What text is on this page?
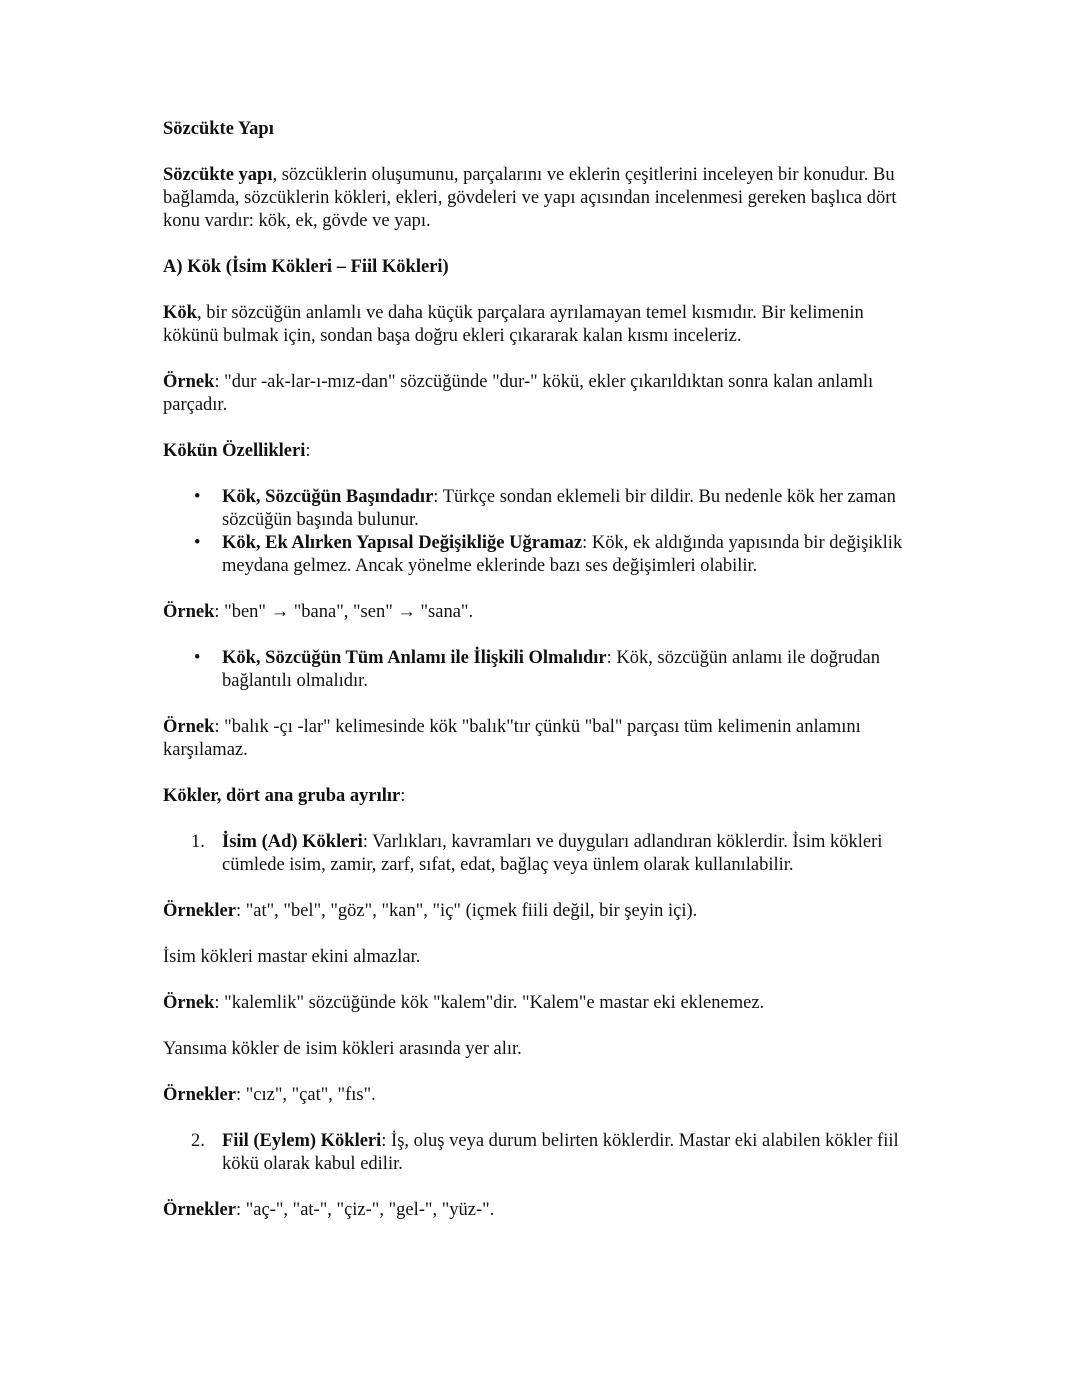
Sözcükte Yapı

Sözcükte yapı, sözcüklerin oluşumunu, parçalarını ve eklerin çeşitlerini inceleyen bir konudur. Bu bağlamda, sözcüklerin kökleri, ekleri, gövdeleri ve yapı açısından incelenmesi gereken başlıca dört konu vardır: kök, ek, gövde ve yapı.

A) Kök (İsim Kökleri – Fiil Kökleri)

Kök, bir sözcüğün anlamlı ve daha küçük parçalara ayrılamayan temel kısmıdır. Bir kelimenin kökünü bulmak için, sondan başa doğru ekleri çıkararak kalan kısmı inceleriz.

Örnek: "dur -ak-lar-ı-mız-dan" sözcüğünde "dur-" kökü, ekler çıkarıldıktan sonra kalan anlamlı parçadır.

Kökün Özellikleri:

• Kök, Sözcüğün Başındadır: Türkçe sondan eklemeli bir dildir. Bu nedenle kök her zaman sözcüğün başında bulunur.
• Kök, Ek Alırken Yapısal Değişikliğe Uğramaz: Kök, ek aldığında yapısında bir değişiklik meydana gelmez. Ancak yönelme eklerinde bazı ses değişimleri olabilir.

Örnek: "ben" → "bana", "sen" → "sana".

• Kök, Sözcüğün Tüm Anlamı ile İlişkili Olmalıdır: Kök, sözcüğün anlamı ile doğrudan bağlantılı olmalıdır.

Örnek: "balık -çı -lar" kelimesinde kök "balık"tır çünkü "bal" parçası tüm kelimenin anlamını karşılamaz.

Kökler, dört ana gruba ayrılır:

1. İsim (Ad) Kökleri: Varlıkları, kavramları ve duyguları adlandıran köklerdir. İsim kökleri cümlede isim, zamir, zarf, sıfat, edat, bağlaç veya ünlem olarak kullanılabilir.

Örnekler: "at", "bel", "göz", "kan", "iç" (içmek fiili değil, bir şeyin içi).

İsim kökleri mastar ekini almazlar.

Örnek: "kalemlik" sözcüğünde kök "kalem"dir. "Kalem"e mastar eki eklenemez.

Yansıma kökler de isim kökleri arasında yer alır.

Örnekler: "cız", "çat", "fıs".

2. Fiil (Eylem) Kökleri: İş, oluş veya durum belirten köklerdir. Mastar eki alabilen kökler fiil kökü olarak kabul edilir.

Örnekler: "aç-", "at-", "çiz-", "gel-", "yüz-".
